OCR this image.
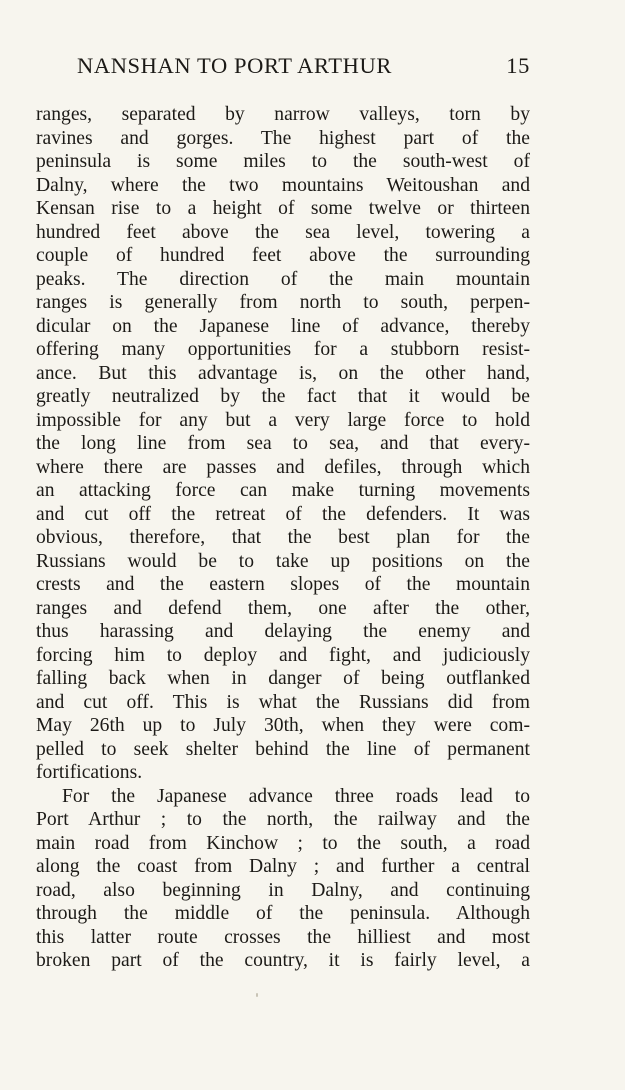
NANSHAN TO PORT ARTHUR	15
ranges, separated by narrow valleys, torn by
ravines and gorges. The highest part of the
peninsula is some miles to the south-west of
Dalny, where the two mountains Weitoushan and
Kensan rise to a height of some twelve or thirteen
hundred feet above the sea level, towering a
couple of hundred feet above the surrounding
peaks. The direction of the main mountain
ranges is generally from north to south, perpen-
dicular on the Japanese line of advance, thereby
offering many opportunities for a stubborn resist-
ance. But this advantage is, on the other hand,
greatly neutralized by the fact that it would be
impossible for any but a very large force to hold
the long line from sea to sea, and that every-
where there are passes and defiles, through which
an attacking force can make turning movements
and cut off the retreat of the defenders. It was
obvious, therefore, that the best plan for the
Russians would be to take up positions on the
crests and the eastern slopes of the mountain
ranges and defend them, one after the other,
thus harassing and delaying the enemy and
forcing him to deploy and fight, and judiciously
falling back when in danger of being outflanked
and cut off. This is what the Russians did from
May 26th up to July 30th, when they were com-
pelled to seek shelter behind the line of permanent
fortifications.
For the Japanese advance three roads lead to
Port Arthur ; to the north, the railway and the
main road from Kinchow ; to the south, a road
along the coast from Dalny ; and further a central
road, also beginning in Dalny, and continuing
through the middle of the peninsula. Although
this latter route crosses the hilliest and most
broken part of the country, it is fairly level, a
